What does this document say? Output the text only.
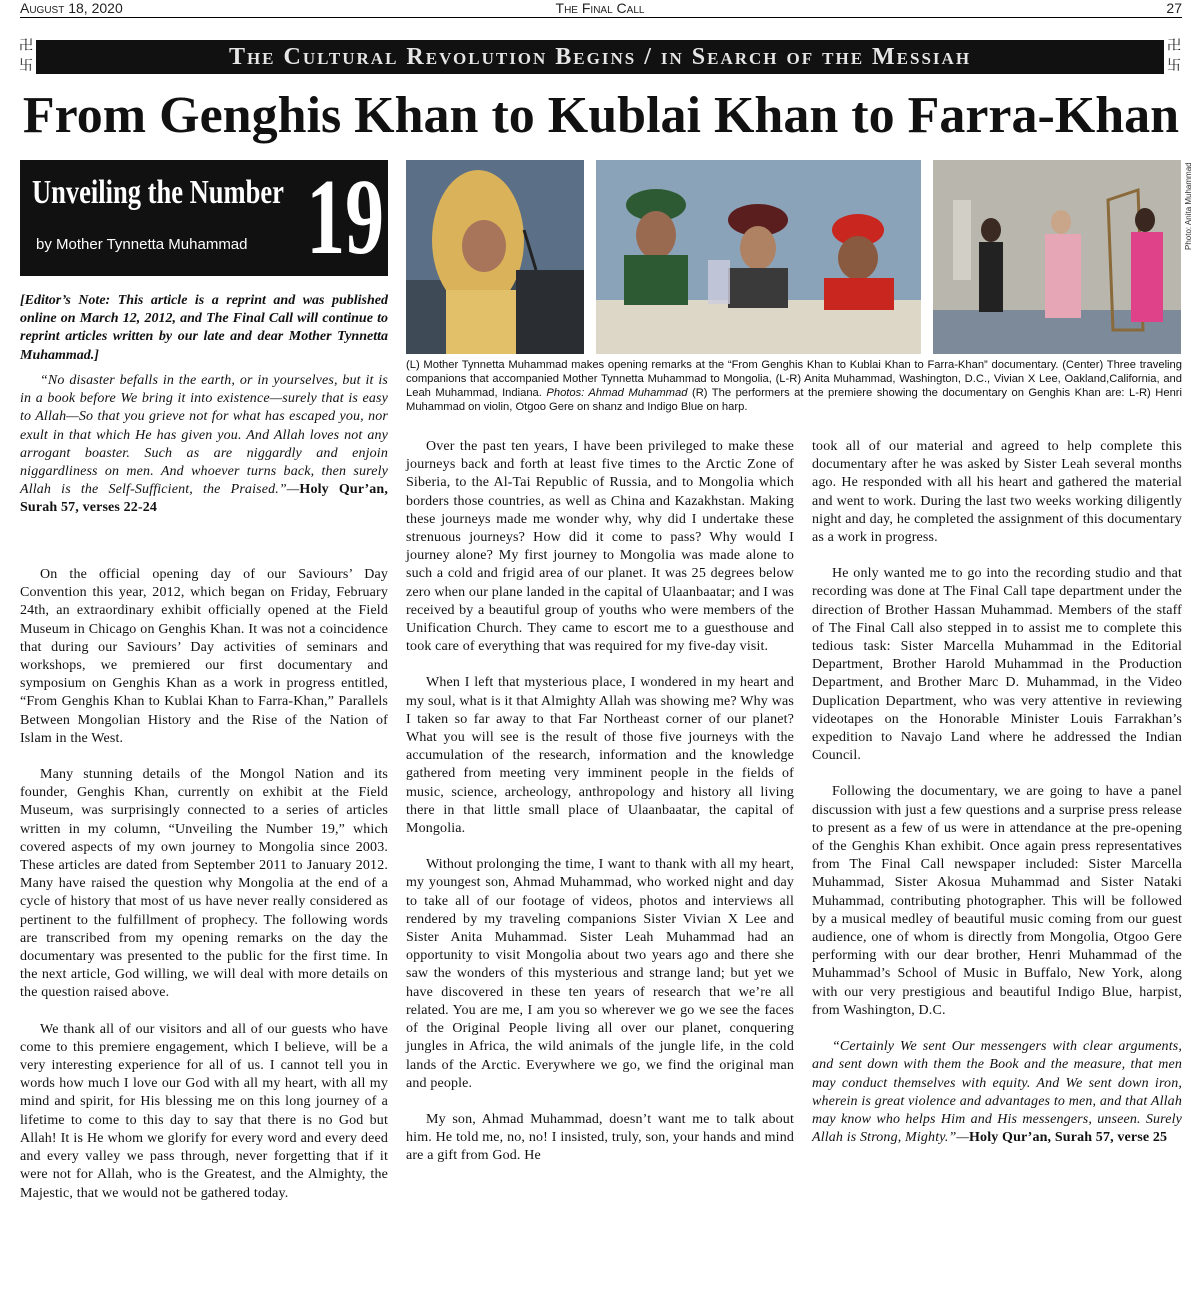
August 18, 2020	The Final Call	27
卍
卐
卍
卐
The Cultural Revolution Begins / in Search of the Messiah
From Genghis Khan to Kublai Khan to Farra-Khan
Unveiling the Number
by Mother Tynnetta Muhammad 19
[Editor’s Note: This article is a reprint and was published online on March 12, 2012, and The Final Call will continue to reprint articles written by our late and dear Mother Tynnetta Muhammad.]
“No disaster befalls in the earth, or in yourselves, but it is in a book before We bring it into existence—surely that is easy to Allah—So that you grieve not for what has escaped you, nor exult in that which He has given you. And Allah loves not any arrogant boaster. Such as are niggardly and enjoin niggardliness on men. And whoever turns back, then surely Allah is the Self-Sufficient, the Praised.”—Holy Qur’an, Surah 57, verses 22-24

On the official opening day of our Saviours’ Day Convention this year, 2012, which began on Friday, February 24th, an extraordinary exhibit officially opened at the Field Museum in Chicago on Genghis Khan. It was not a coincidence that during our Saviours’ Day activities of seminars and workshops, we premiered our first documentary and symposium on Genghis Khan as a work in progress entitled, “From Genghis Khan to Kublai Khan to Farra-Khan,” Parallels Between Mongolian History and the Rise of the Nation of Islam in the West.

Many stunning details of the Mongol Nation and its founder, Genghis Khan, currently on exhibit at the Field Museum, was surprisingly connected to a series of articles written in my column, “Unveiling the Number 19,” which covered aspects of my own journey to Mongolia since 2003. These articles are dated from September 2011 to January 2012. Many have raised the question why Mongolia at the end of a cycle of history that most of us have never really considered as pertinent to the fulfillment of prophecy. The following words are transcribed from my opening remarks on the day the documentary was presented to the public for the first time. In the next article, God willing, we will deal with more details on the question raised above.

We thank all of our visitors and all of our guests who have come to this premiere engagement, which I believe, will be a very interesting experience for all of us. I cannot tell you in words how much I love our God with all my heart, with all my mind and spirit, for His blessing me on this long journey of a lifetime to come to this day to say that there is no God but Allah! It is He whom we glorify for every word and every deed and every valley we pass through, never forgetting that if it were not for Allah, who is the Greatest, and the Almighty, the Majestic, that we would not be gathered today.

Photo: Anita Muhammad
(L) Mother Tynnetta Muhammad makes opening remarks at the “From Genghis Khan to Kublai Khan to Farra-Khan” documentary. (Center) Three traveling companions that accompanied Mother Tynnetta Muhammad to Mongolia, (L-R) Anita Muhammad, Washington, D.C., Vivian X Lee, Oakland,California, and Leah Muhammad, Indiana. Photos: Ahmad Muhammad (R) The performers at the premiere showing the documentary on Genghis Khan are: L-R) Henri Muhammad on violin, Otgoo Gere on shanz and Indigo Blue on harp.

Over the past ten years, I have been privileged to make these journeys back and forth at least five times to the Arctic Zone of Siberia, to the Al-Tai Republic of Russia, and to Mongolia which borders those countries, as well as China and Kazakhstan. Making these journeys made me wonder why, why did I undertake these strenuous journeys? How did it come to pass? Why would I journey alone? My first journey to Mongolia was made alone to such a cold and frigid area of our planet. It was 25 degrees below zero when our plane landed in the capital of Ulaanbaatar; and I was received by a beautiful group of youths who were members of the Unification Church. They came to escort me to a guesthouse and took care of everything that was required for my five-day visit.

When I left that mysterious place, I wondered in my heart and my soul, what is it that Almighty Allah was showing me? Why was I taken so far away to that Far Northeast corner of our planet? What you will see is the result of those five journeys with the accumulation of the research, information and the knowledge gathered from meeting very imminent people in the fields of music, science, archeology, anthropology and history all living there in that little small place of Ulaanbaatar, the capital of Mongolia.

Without prolonging the time, I want to thank with all my heart, my youngest son, Ahmad Muhammad, who worked night and day to take all of our footage of videos, photos and interviews all rendered by my traveling companions Sister Vivian X Lee and Sister Anita Muhammad. Sister Leah Muhammad had an opportunity to visit Mongolia about two years ago and there she saw the wonders of this mysterious and strange land; but yet we have discovered in these ten years of research that we’re all related. You are me, I am you so wherever we go we see the faces of the Original People living all over our planet, conquering jungles in Africa, the wild animals of the jungle life, in the cold lands of the Arctic. Everywhere we go, we find the original man and people.

My son, Ahmad Muhammad, doesn’t want me to talk about him. He told me, no, no! I insisted, truly, son, your hands and mind are a gift from God. He

took all of our material and agreed to help complete this documentary after he was asked by Sister Leah several months ago. He responded with all his heart and gathered the material and went to work. During the last two weeks working diligently night and day, he completed the assignment of this documentary as a work in progress.

He only wanted me to go into the recording studio and that recording was done at The Final Call tape department under the direction of Brother Hassan Muhammad. Members of the staff of The Final Call also stepped in to assist me to complete this tedious task: Sister Marcella Muhammad in the Editorial Department, Brother Harold Muhammad in the Production Department, and Brother Marc D. Muhammad, in the Video Duplication Department, who was very attentive in reviewing videotapes on the Honorable Minister Louis Farrakhan’s expedition to Navajo Land where he addressed the Indian Council.

Following the documentary, we are going to have a panel discussion with just a few questions and a surprise press release to present as a few of us were in attendance at the pre-opening of the Genghis Khan exhibit. Once again press representatives from The Final Call newspaper included: Sister Marcella Muhammad, Sister Akosua Muhammad and Sister Nataki Muhammad, contributing photographer. This will be followed by a musical medley of beautiful music coming from our guest audience, one of whom is directly from Mongolia, Otgoo Gere performing with our dear brother, Henri Muhammad of the Muhammad’s School of Music in Buffalo, New York, along with our very prestigious and beautiful Indigo Blue, harpist, from Washington, D.C.

“Certainly We sent Our messengers with clear arguments, and sent down with them the Book and the measure, that men may conduct themselves with equity. And We sent down iron, wherein is great violence and advantages to men, and that Allah may know who helps Him and His messengers, unseen. Surely Allah is Strong, Mighty.”—Holy Qur’an, Surah 57, verse 25
